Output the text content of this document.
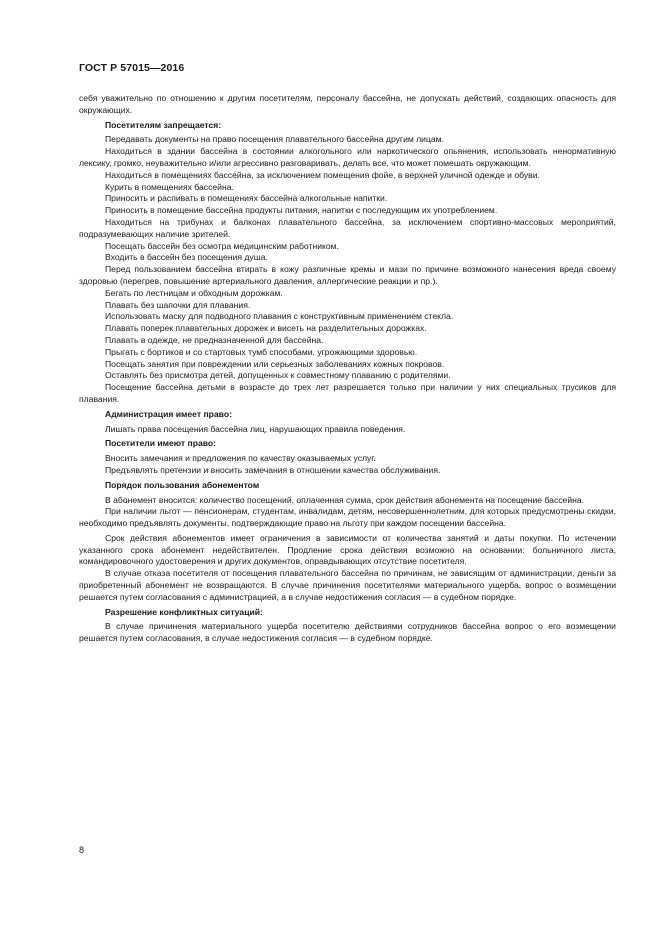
ГОСТ Р 57015—2016

себя уважительно по отношению к другим посетителям, персоналу бассейна, не допускать действий, создающих опасность для окружающих.

Посетителям запрещается:

Передавать документы на право посещения плавательного бассейна другим лицам.

Находиться в здании бассейна в состоянии алкогольного или наркотического опьянения, использовать ненормативную лексику, громко, неуважительно и/или агрессивно разговаривать, делать все, что может помешать окружающим.

Находиться в помещениях бассейна, за исключением помещения фойе, в верхней уличной одежде и обуви.

Курить в помещениях бассейна.

Приносить и распивать в помещениях бассейна алкогольные напитки.

Приносить в помещение бассейна продукты питания, напитки с последующим их употреблением.

Находиться на трибунах и балконах плавательного бассейна, за исключением спортивно-массовых мероприятий, подразумевающих наличие зрителей.

Посещать бассейн без осмотра медицинским работником.

Входить в бассейн без посещения душа.

Перед пользованием бассейна втирать в кожу различные кремы и мази по причине возможного нанесения вреда своему здоровью (перегрев, повышение артериального давления, аллергические реакции и пр.).

Бегать по лестницам и обходным дорожкам.

Плавать без шапочки для плавания.

Использовать маску для подводного плавания с конструктивным применением стекла.

Плавать поперек плавательных дорожек и висеть на разделительных дорожках.

Плавать в одежде, не предназначенной для бассейна.

Прыгать с бортиков и со стартовых тумб способами, угрожающими здоровью.

Посещать занятия при повреждении или серьезных заболеваниях кожных покровов.

Оставлять без присмотра детей, допущенных к совместному плаванию с родителями.

Посещение бассейна детьми в возрасте до трех лет разрешается только при наличии у них специальных трусиков для плавания.

Администрация имеет право:

Лишать права посещения бассейна лиц, нарушающих правила поведения.

Посетители имеют право:

Вносить замечания и предложения по качеству оказываемых услуг.

Предъявлять претензии и вносить замечания в отношении качества обслуживания.

Порядок пользования абонементом

В абонемент вносится: количество посещений, оплаченная сумма, срок действия абонемента на посещение бассейна.

При наличии льгот — пенсионерам, студентам, инвалидам, детям, несовершеннолетним, для которых предусмотрены скидки, необходимо предъявлять документы, подтверждающие право на льготу при каждом посещении бассейна.

Срок действия абонементов имеет ограничения в зависимости от количества занятий и даты покупки. По истечении указанного срока абонемент недействителен. Продление срока действия возможно на основании: больничного листа, командировочного удостоверения и других документов, оправдывающих отсутствие посетителя.

В случае отказа посетителя от посещения плавательного бассейна по причинам, не зависящим от администрации, деньги за приобретенный абонемент не возвращаются. В случае причинения посетителями материального ущерба, вопрос о возмещении решается путем согласования с администрацией, а в случае недостижения согласия — в судебном порядке.

Разрешение конфликтных ситуаций:

В случае причинения материального ущерба посетителю действиями сотрудников бассейна вопрос о его возмещении решается путем согласования, в случае недостижения согласия — в судебном порядке.

8
